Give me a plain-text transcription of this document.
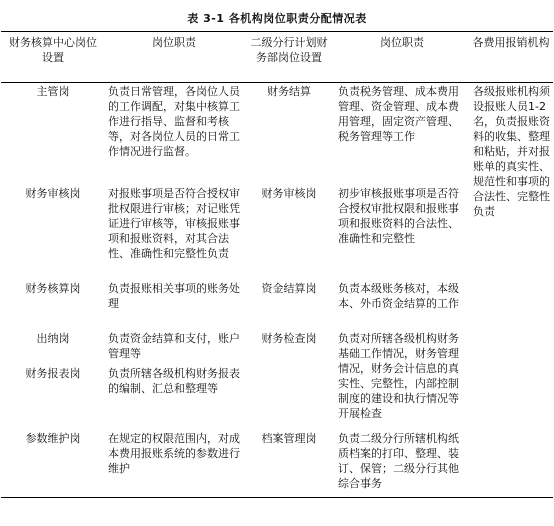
表 3-1 各机构岗位职责分配情况表
财务核算中心岗位设置	岗位职责	二级分行计划财务部岗位设置	岗位职责	各费用报销机构
主管岗	负责日常管理，各岗位人员的工作调配，对集中核算工作进行指导、监督和考核等，对各岗位人员的日常工作情况进行监督。	财务结算	负责税务管理、成本费用管理、资金管理、成本费用管理，固定资产管理、税务管理等工作	各级报账机构须设报账人员1-2名，负责报账资料的收集、整理和粘贴，并对报账单的真实性、规范性和事项的合法性、完整性负责
财务审核岗	对报账事项是否符合授权审批权限进行审核；对记账凭证进行审核等，审核报账事项和报账资料，对其合法性、准确性和完整性负责	财务审核岗	初步审核报账事项是否符合授权审批权限和报账事项和报账资料的合法性、准确性和完整性	
财务核算岗	负责报账相关事项的账务处理	资金结算岗	负责本级账务核对，本级本、外币资金结算的工作	
出纳岗	负责资金结算和支付，账户管理等	财务检查岗	负责对所辖各级机构财务基础工作情况，财务管理情况，财务会计信息的真实性、完整性，内部控制制度的建设和执行情况等开展检查	
财务报表岗	负责所辖各级机构财务报表的编制、汇总和整理等			
参数维护岗	在规定的权限范围内，对成本费用报账系统的参数进行维护	档案管理岗	负责二级分行所辖机构纸质档案的打印、整理、装订、保管；二级分行其他综合事务	
